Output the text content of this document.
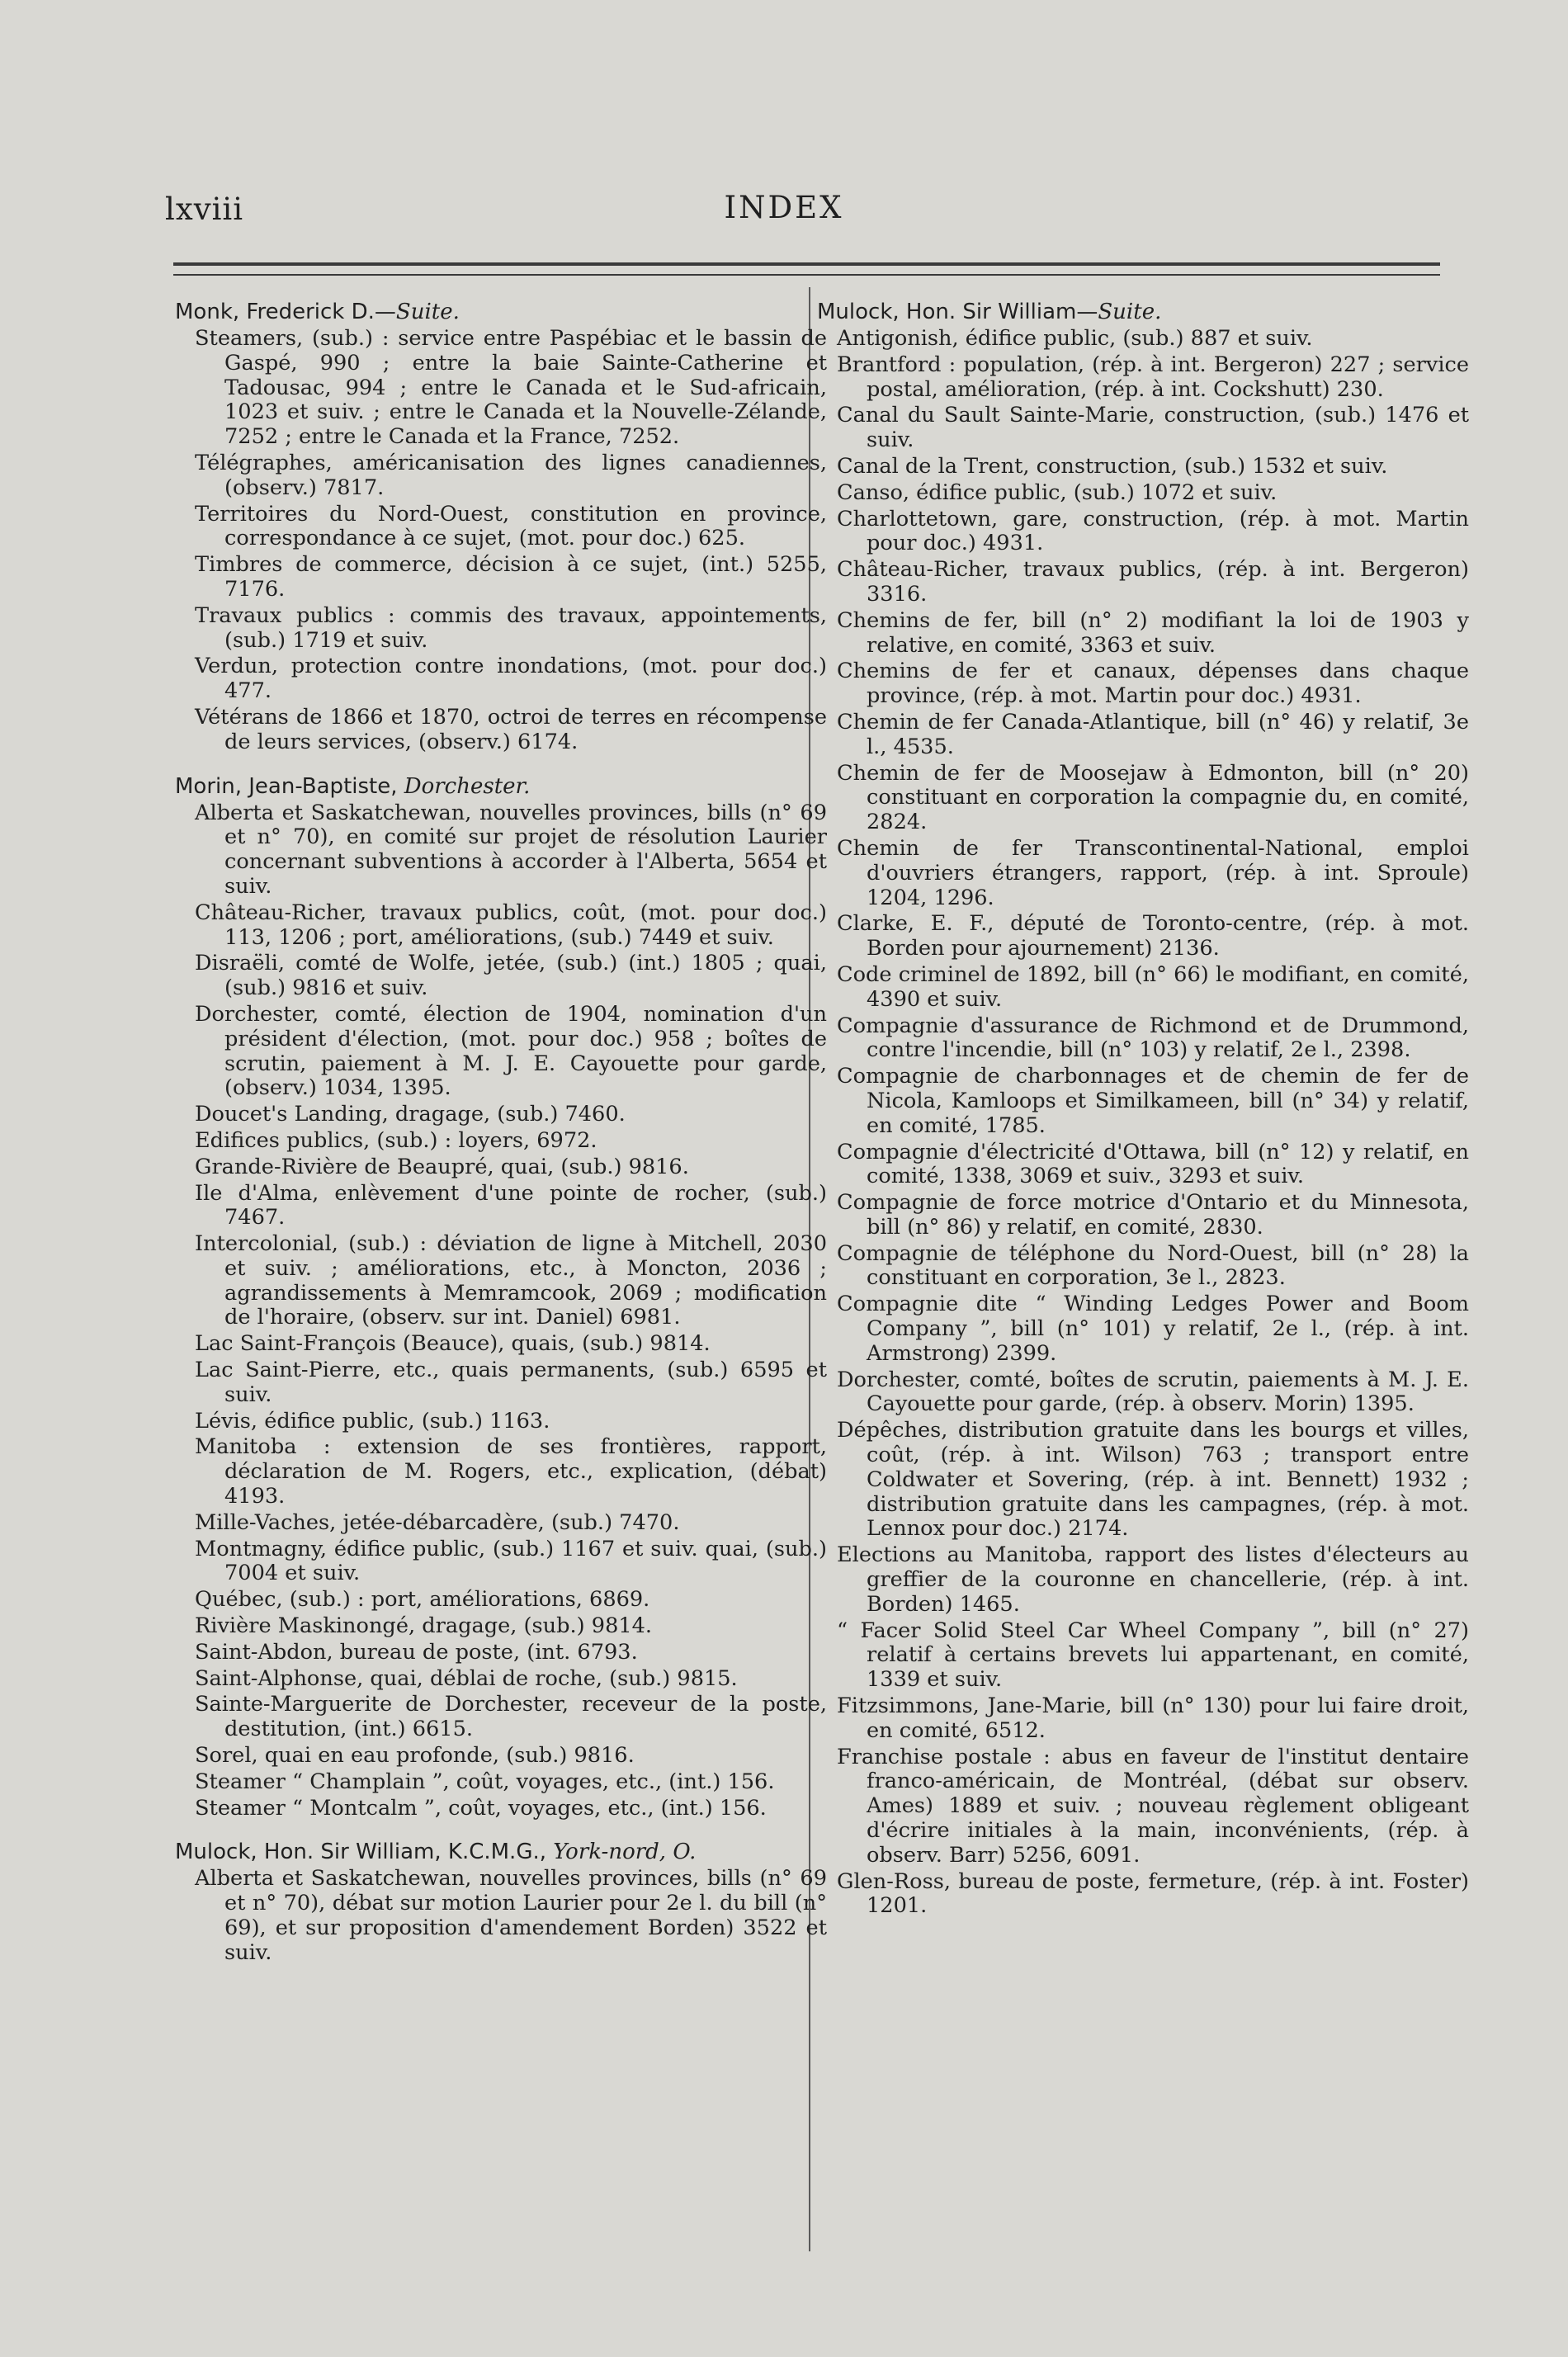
lxviii	INDEX
Monk, Frederick D.—Suite.
Steamers, (sub.) : service entre Paspébiac et le bassin de Gaspé, 990 ; entre la baie Sainte-Catherine et Tadousac, 994 ; entre le Canada et le Sud-africain, 1023 et suiv. ; entre le Canada et la Nouvelle-Zélande, 7252 ; entre le Canada et la France, 7252.
Télégraphes, américanisation des lignes canadiennes, (observ.) 7817.
Territoires du Nord-Ouest, constitution en province, correspondance à ce sujet, (mot. pour doc.) 625.
Timbres de commerce, décision à ce sujet, (int.) 5255, 7176.
Travaux publics : commis des travaux, appointements, (sub.) 1719 et suiv.
Verdun, protection contre inondations, (mot. pour doc.) 477.
Vétérans de 1866 et 1870, octroi de terres en récompense de leurs services, (observ.) 6174.
Morin, Jean-Baptiste, Dorchester.
Alberta et Saskatchewan, nouvelles provinces, bills (n° 69 et n° 70), en comité sur projet de résolution Laurier concernant subventions à accorder à l'Alberta, 5654 et suiv.
Château-Richer, travaux publics, coût, (mot. pour doc.) 113, 1206 ; port, améliorations, (sub.) 7449 et suiv.
Disraëli, comté de Wolfe, jetée, (sub.) (int.) 1805 ; quai, (sub.) 9816 et suiv.
Dorchester, comté, élection de 1904, nomination d'un président d'élection, (mot. pour doc.) 958 ; boîtes de scrutin, paiement à M. J. E. Cayouette pour garde, (observ.) 1034, 1395.
Doucet's Landing, dragage, (sub.) 7460.
Edifices publics, (sub.) : loyers, 6972.
Grande-Rivière de Beaupré, quai, (sub.) 9816.
Ile d'Alma, enlèvement d'une pointe de rocher, (sub.) 7467.
Intercolonial, (sub.) : déviation de ligne à Mitchell, 2030 et suiv. ; améliorations, etc., à Moncton, 2036 ; agrandissements à Memramcook, 2069 ; modification de l'horaire, (observ. sur int. Daniel) 6981.
Lac Saint-François (Beauce), quais, (sub.) 9814.
Lac Saint-Pierre, etc., quais permanents, (sub.) 6595 et suiv.
Lévis, édifice public, (sub.) 1163.
Manitoba : extension de ses frontières, rapport, déclaration de M. Rogers, etc., explication, (débat) 4193.
Mille-Vaches, jetée-débarcadère, (sub.) 7470.
Montmagny, édifice public, (sub.) 1167 et suiv. quai, (sub.) 7004 et suiv.
Québec, (sub.) : port, améliorations, 6869.
Rivière Maskinongé, dragage, (sub.) 9814.
Saint-Abdon, bureau de poste, (int. 6793.
Saint-Alphonse, quai, déblai de roche, (sub.) 9815.
Sainte-Marguerite de Dorchester, receveur de la poste, destitution, (int.) 6615.
Sorel, quai en eau profonde, (sub.) 9816.
Steamer “ Champlain ”, coût, voyages, etc., (int.) 156.
Steamer “ Montcalm ”, coût, voyages, etc., (int.) 156.
Mulock, Hon. Sir William, K.C.M.G., York-nord, O.
Alberta et Saskatchewan, nouvelles provinces, bills (n° 69 et n° 70), débat sur motion Laurier pour 2e l. du bill (n° 69), et sur proposition d'amendement Borden) 3522 et suiv.
Mulock, Hon. Sir William—Suite.
Antigonish, édifice public, (sub.) 887 et suiv.
Brantford : population, (rép. à int. Bergeron) 227 ; service postal, amélioration, (rép. à int. Cockshutt) 230.
Canal du Sault Sainte-Marie, construction, (sub.) 1476 et suiv.
Canal de la Trent, construction, (sub.) 1532 et suiv.
Canso, édifice public, (sub.) 1072 et suiv.
Charlottetown, gare, construction, (rép. à mot. Martin pour doc.) 4931.
Château-Richer, travaux publics, (rép. à int. Bergeron) 3316.
Chemins de fer, bill (n° 2) modifiant la loi de 1903 y relative, en comité, 3363 et suiv.
Chemins de fer et canaux, dépenses dans chaque province, (rép. à mot. Martin pour doc.) 4931.
Chemin de fer Canada-Atlantique, bill (n° 46) y relatif, 3e l., 4535.
Chemin de fer de Moosejaw à Edmonton, bill (n° 20) constituant en corporation la compagnie du, en comité, 2824.
Chemin de fer Transcontinental-National, emploi d'ouvriers étrangers, rapport, (rép. à int. Sproule) 1204, 1296.
Clarke, E. F., député de Toronto-centre, (rép. à mot. Borden pour ajournement) 2136.
Code criminel de 1892, bill (n° 66) le modifiant, en comité, 4390 et suiv.
Compagnie d'assurance de Richmond et de Drummond, contre l'incendie, bill (n° 103) y relatif, 2e l., 2398.
Compagnie de charbonnages et de chemin de fer de Nicola, Kamloops et Similkameen, bill (n° 34) y relatif, en comité, 1785.
Compagnie d'électricité d'Ottawa, bill (n° 12) y relatif, en comité, 1338, 3069 et suiv., 3293 et suiv.
Compagnie de force motrice d'Ontario et du Minnesota, bill (n° 86) y relatif, en comité, 2830.
Compagnie de téléphone du Nord-Ouest, bill (n° 28) la constituant en corporation, 3e l., 2823.
Compagnie dite “ Winding Ledges Power and Boom Company ”, bill (n° 101) y relatif, 2e l., (rép. à int. Armstrong) 2399.
Dorchester, comté, boîtes de scrutin, paiements à M. J. E. Cayouette pour garde, (rép. à observ. Morin) 1395.
Dépêches, distribution gratuite dans les bourgs et villes, coût, (rép. à int. Wilson) 763 ; transport entre Coldwater et Sovering, (rép. à int. Bennett) 1932 ; distribution gratuite dans les campagnes, (rép. à mot. Lennox pour doc.) 2174.
Elections au Manitoba, rapport des listes d'électeurs au greffier de la couronne en chancellerie, (rép. à int. Borden) 1465.
“ Facer Solid Steel Car Wheel Company ”, bill (n° 27) relatif à certains brevets lui appartenant, en comité, 1339 et suiv.
Fitzsimmons, Jane-Marie, bill (n° 130) pour lui faire droit, en comité, 6512.
Franchise postale : abus en faveur de l'institut dentaire franco-américain, de Montréal, (débat sur observ. Ames) 1889 et suiv. ; nouveau règlement obligeant d'écrire initiales à la main, inconvénients, (rép. à observ. Barr) 5256, 6091.
Glen-Ross, bureau de poste, fermeture, (rép. à int. Foster) 1201.
